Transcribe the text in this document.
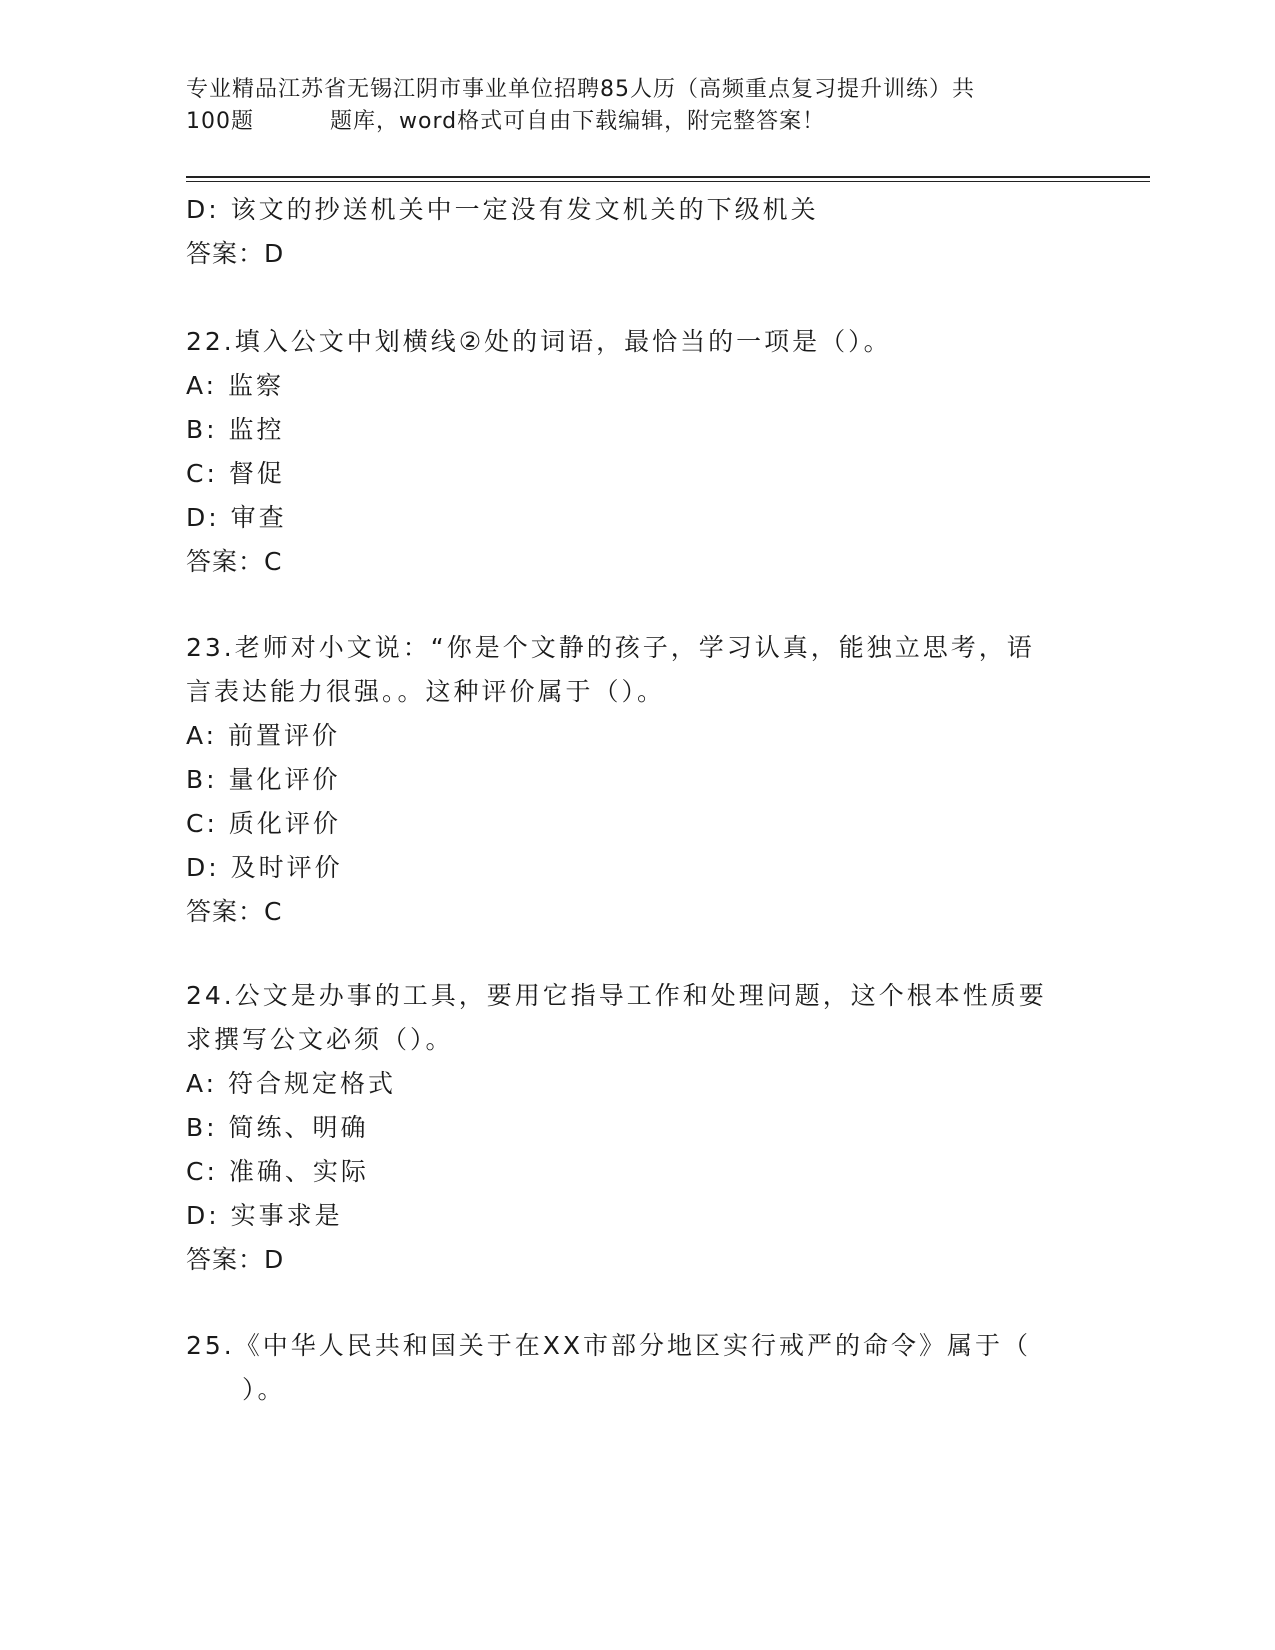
专业精品江苏省无锡江阴市事业单位招聘85人历（高频重点复习提升训练）共
100题	题库，word格式可自由下载编辑，附完整答案！
D: 该文的抄送机关中一定没有发文机关的下级机关
答案：D
22.填入公文中划横线②处的词语，最恰当的一项是（）。
A: 监察
B: 监控
C: 督促
D: 审查
答案：C
23.老师对小文说：“你是个文静的孩子，学习认真，能独立思考，语
言表达能力很强。。这种评价属于（）。
A: 前置评价
B: 量化评价
C: 质化评价
D: 及时评价
答案：C
24.公文是办事的工具，要用它指导工作和处理问题，这个根本性质要
求撰写公文必须（）。
A: 符合规定格式
B: 简练、明确
C: 准确、实际
D: 实事求是
答案：D
25.《中华人民共和国关于在XX市部分地区实行戒严的命令》属于（
）。
